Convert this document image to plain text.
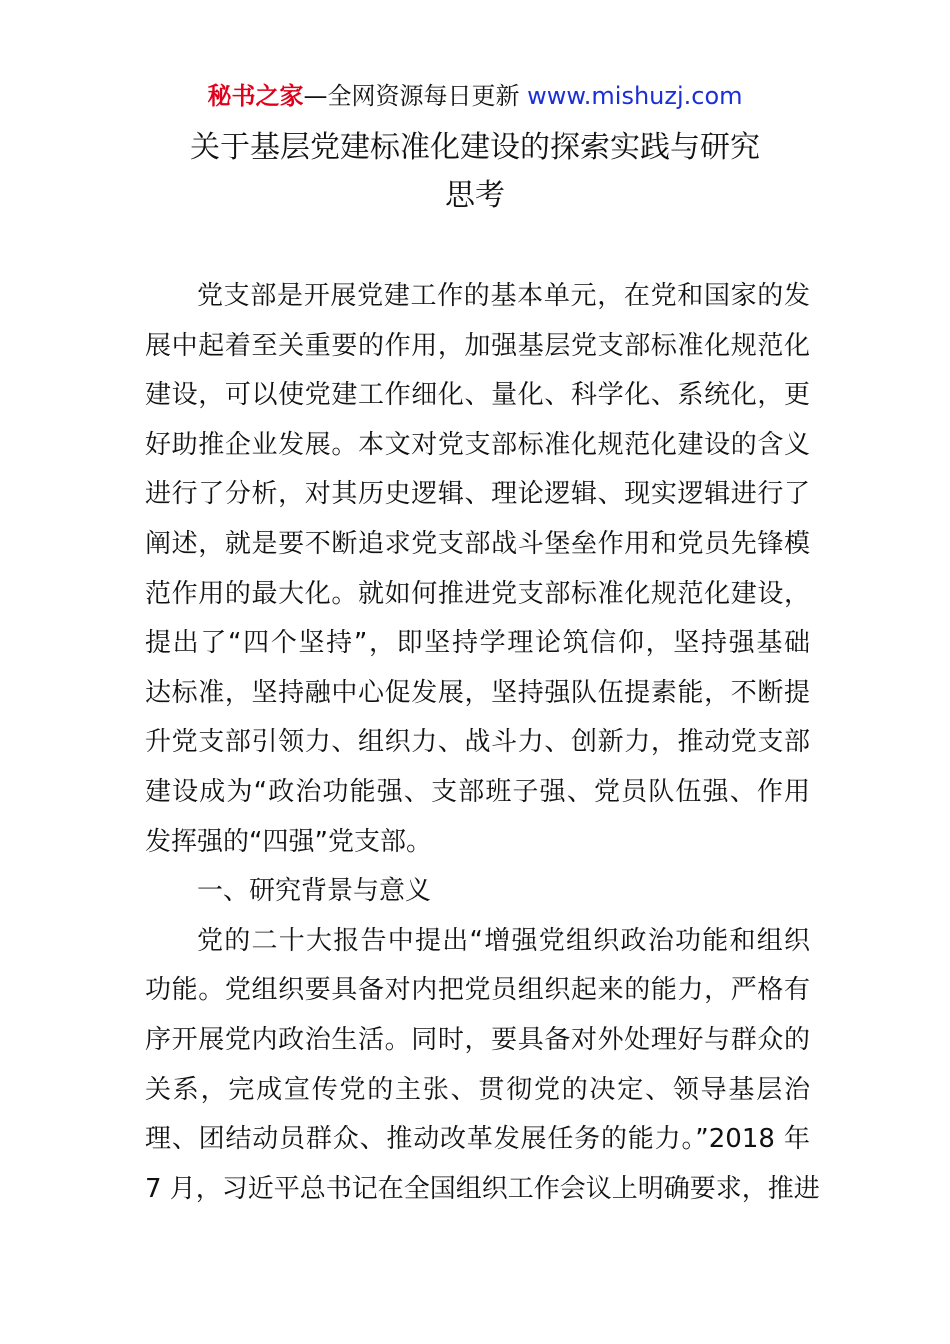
秘书之家—全网资源每日更新 www.mishuzj.com
关于基层党建标准化建设的探索实践与研究
思考
党支部是开展党建工作的基本单元，在党和国家的发
展中起着至关重要的作用，加强基层党支部标准化规范化
建设，可以使党建工作细化、量化、科学化、系统化，更
好助推企业发展。本文对党支部标准化规范化建设的含义
进行了分析，对其历史逻辑、理论逻辑、现实逻辑进行了
阐述，就是要不断追求党支部战斗堡垒作用和党员先锋模
范作用的最大化。就如何推进党支部标准化规范化建设，
提出了“四个坚持”，即坚持学理论筑信仰，坚持强基础
达标准，坚持融中心促发展，坚持强队伍提素能，不断提
升党支部引领力、组织力、战斗力、创新力，推动党支部
建设成为“政治功能强、支部班子强、党员队伍强、作用
发挥强的“四强”党支部。
一、研究背景与意义
党的二十大报告中提出“增强党组织政治功能和组织
功能。党组织要具备对内把党员组织起来的能力，严格有
序开展党内政治生活。同时，要具备对外处理好与群众的
关系，完成宣传党的主张、贯彻党的决定、领导基层治
理、团结动员群众、推动改革发展任务的能力。”2018 年
7 月，习近平总书记在全国组织工作会议上明确要求，推进
